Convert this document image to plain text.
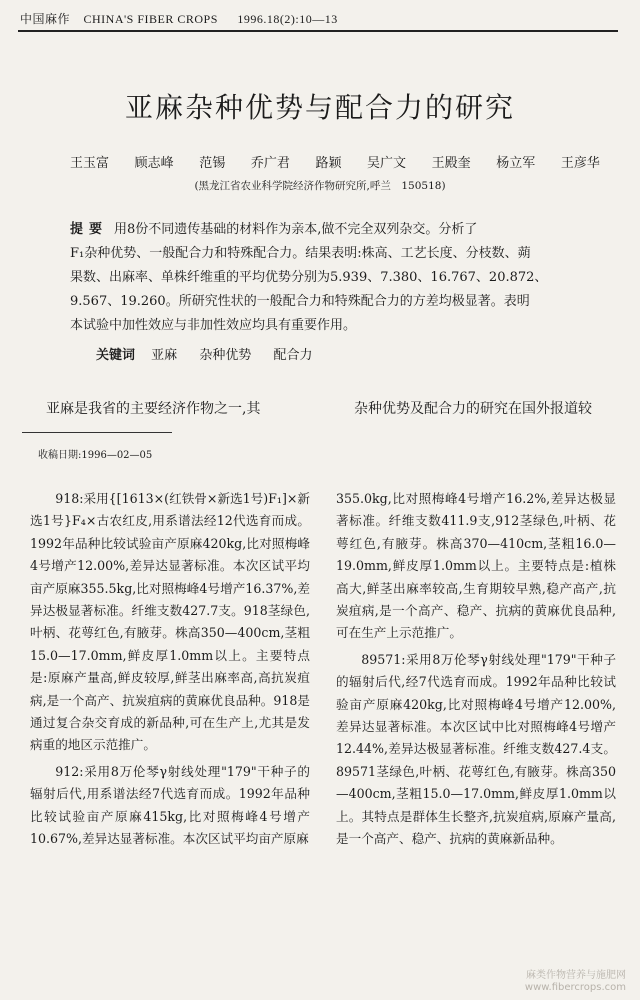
中国麻作 CHINA'S FIBER CROPS 1996.18(2):10—13
亚麻杂种优势与配合力的研究
王玉富 顾志峰 范锡 乔广君 路颖 吴广文 王殿奎 杨立军 王彦华
(黑龙江省农业科学院经济作物研究所,呼兰　150518)

提要 用8份不同遗传基础的材料作为亲本,做不完全双列杂交。分析了

F₁杂种优势、一般配合力和特殊配合力。结果表明:株高、工艺长度、分枝数、蒴

果数、出麻率、单株纤维重的平均优势分别为5.939、7.380、16.767、20.872、

9.567、19.260。所研究性状的一般配合力和特殊配合力的方差均极显著。表明

本试验中加性效应与非加性效应均具有重要作用。

关键词 亚麻 杂种优势 配合力
亚麻是我省的主要经济作物之一,其	杂种优势及配合力的研究在国外报道较
收稿日期:1996—02—05

918:采用{[1613×(红铁骨×新选1号)F₁]×新选1号}F₄×古农红皮,用系谱法经12代选育而成。1992年品种比较试验亩产原麻420kg,比对照梅峰4号增产12.00%,差异达显著标准。本次区试平均亩产原麻355.5kg,比对照梅峰4号增产16.37%,差异达极显著标准。纤维支数427.7支。918茎绿色,叶柄、花萼红色,有腋芽。株高350—400cm,茎粗15.0—17.0mm,鲜皮厚1.0mm以上。主要特点是:原麻产量高,鲜皮较厚,鲜茎出麻率高,高抗炭疽病,是一个高产、抗炭疽病的黄麻优良品种。918是通过复合杂交育成的新品种,可在生产上,尤其是发病重的地区示范推广。

912:采用8万伦琴γ射线处理"179"干种子的辐射后代,用系谱法经7代选育而成。1992年品种比较试验亩产原麻415kg,比对照梅峰4号增产10.67%,差异达显著标准。本次区试平均亩产原麻

355.0kg,比对照梅峰4号增产16.2%,差异达极显著标准。纤维支数411.9支,912茎绿色,叶柄、花萼红色,有腋芽。株高370—410cm,茎粗16.0—19.0mm,鲜皮厚1.0mm以上。主要特点是:植株高大,鲜茎出麻率较高,生育期较早熟,稳产高产,抗炭疽病,是一个高产、稳产、抗病的黄麻优良品种,可在生产上示范推广。

89571:采用8万伦琴γ射线处理"179"干种子的辐射后代,经7代选育而成。1992年品种比较试验亩产原麻420kg,比对照梅峰4号增产12.00%,差异达显著标准。本次区试中比对照梅峰4号增产12.44%,差异达极显著标准。纤维支数427.4支。89571茎绿色,叶柄、花萼红色,有腋芽。株高350—400cm,茎粗15.0—17.0mm,鲜皮厚1.0mm以上。其特点是群体生长整齐,抗炭疽病,原麻产量高,是一个高产、稳产、抗病的黄麻新品种。

麻类作物营养与施肥网
www.fibercrops.com
